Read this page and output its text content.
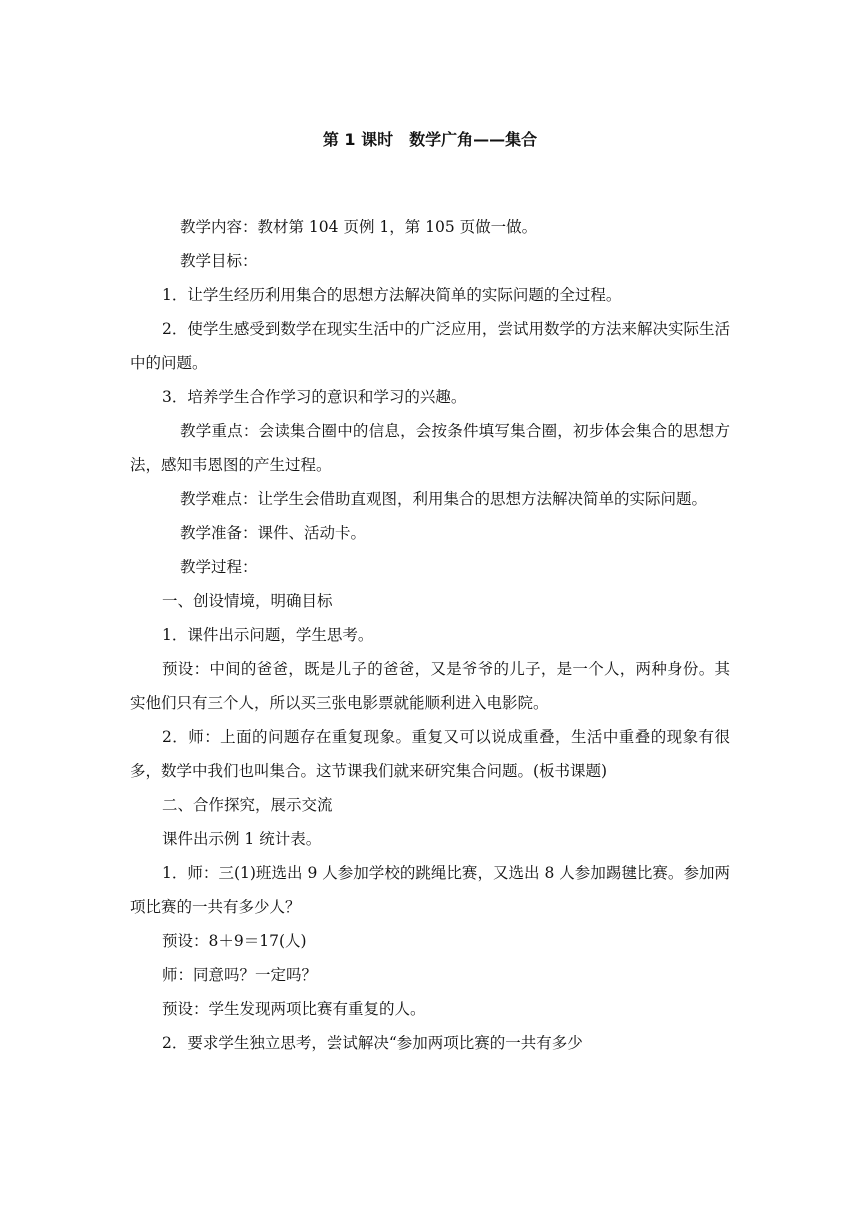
第 1 课时　数学广角——集合

教学内容：教材第 104 页例 1，第 105 页做一做。

教学目标：

1．让学生经历利用集合的思想方法解决简单的实际问题的全过程。

2．使学生感受到数学在现实生活中的广泛应用，尝试用数学的方法来解决实际生活中的问题。

3．培养学生合作学习的意识和学习的兴趣。

教学重点：会读集合圈中的信息，会按条件填写集合圈，初步体会集合的思想方法，感知韦恩图的产生过程。

教学难点：让学生会借助直观图，利用集合的思想方法解决简单的实际问题。

教学准备：课件、活动卡。

教学过程：

一、创设情境，明确目标

1．课件出示问题，学生思考。

预设：中间的爸爸，既是儿子的爸爸，又是爷爷的儿子，是一个人，两种身份。其实他们只有三个人，所以买三张电影票就能顺利进入电影院。

2．师：上面的问题存在重复现象。重复又可以说成重叠，生活中重叠的现象有很多，数学中我们也叫集合。这节课我们就来研究集合问题。(板书课题)

二、合作探究，展示交流

课件出示例 1 统计表。

1．师：三(1)班选出 9 人参加学校的跳绳比赛，又选出 8 人参加踢毽比赛。参加两项比赛的一共有多少人？

预设：8＋9＝17(人)

师：同意吗？一定吗？

预设：学生发现两项比赛有重复的人。

2．要求学生独立思考，尝试解决“参加两项比赛的一共有多少
